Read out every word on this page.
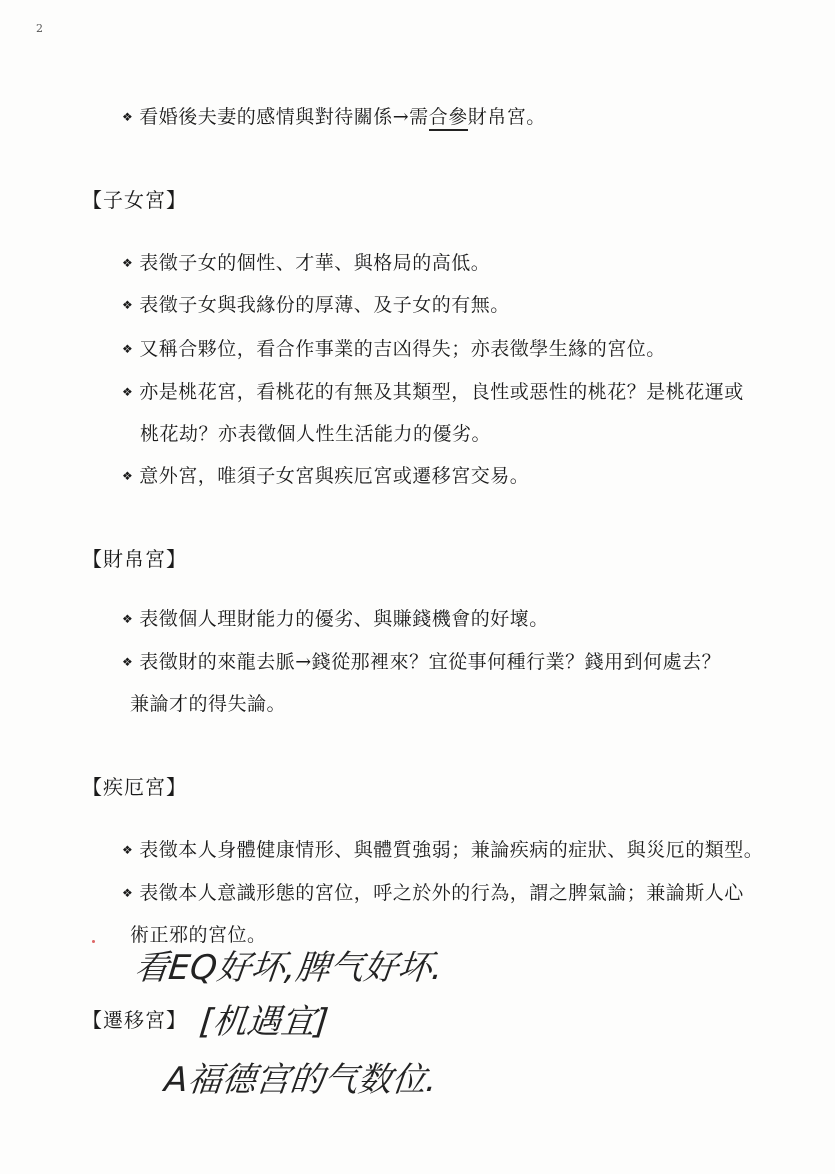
2
❖ 看婚後夫妻的感情與對待關係→需合參財帛宮。
【子女宮】
❖ 表徵子女的個性、才華、與格局的高低。
❖ 表徵子女與我緣份的厚薄、及子女的有無。
❖ 又稱合夥位，看合作事業的吉凶得失；亦表徵學生緣的宮位。
❖ 亦是桃花宮，看桃花的有無及其類型，良性或惡性的桃花？是桃花運或
桃花劫？亦表徵個人性生活能力的優劣。
❖ 意外宮，唯須子女宮與疾厄宮或遷移宮交易。
【財帛宮】
❖ 表徵個人理財能力的優劣、與賺錢機會的好壞。
❖ 表徵財的來龍去脈→錢從那裡來？宜從事何種行業？錢用到何處去？
兼論才的得失論。
【疾厄宮】
❖ 表徵本人身體健康情形、與體質強弱；兼論疾病的症狀、與災厄的類型。
❖ 表徵本人意識形態的宮位，呼之於外的行為，謂之脾氣論；兼論斯人心
術正邪的宮位。
看EQ好坏,脾气好坏.
【遷移宮】 [机遇宜]
A福德宫的气数位.
